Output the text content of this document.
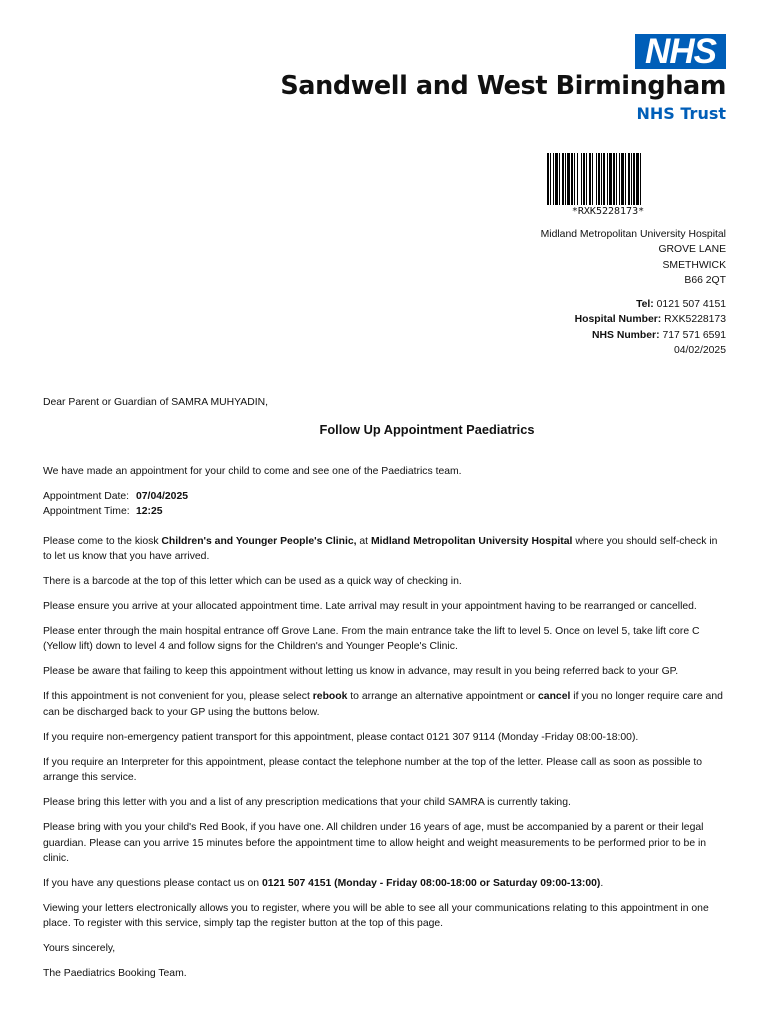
NHS
Sandwell and West Birmingham
NHS Trust
*RXK5228173*
Midland Metropolitan University Hospital
GROVE LANE
SMETHWICK
B66 2QT
Tel: 0121 507 4151
Hospital Number: RXK5228173
NHS Number: 717 571 6591
04/02/2025

Dear Parent or Guardian of SAMRA MUHYADIN,

Follow Up Appointment Paediatrics

We have made an appointment for your child to come and see one of the Paediatrics team.

Appointment Date: 07/04/2025
Appointment Time: 12:25

Please come to the kiosk Children's and Younger People's Clinic, at Midland Metropolitan University Hospital where you should self-check in to let us know that you have arrived.

There is a barcode at the top of this letter which can be used as a quick way of checking in.

Please ensure you arrive at your allocated appointment time. Late arrival may result in your appointment having to be rearranged or cancelled.

Please enter through the main hospital entrance off Grove Lane. From the main entrance take the lift to level 5. Once on level 5, take lift core C (Yellow lift) down to level 4 and follow signs for the Children's and Younger People's Clinic.

Please be aware that failing to keep this appointment without letting us know in advance, may result in you being referred back to your GP.

If this appointment is not convenient for you, please select rebook to arrange an alternative appointment or cancel if you no longer require care and can be discharged back to your GP using the buttons below.

If you require non-emergency patient transport for this appointment, please contact 0121 307 9114 (Monday -Friday 08:00-18:00).

If you require an Interpreter for this appointment, please contact the telephone number at the top of the letter. Please call as soon as possible to arrange this service.

Please bring this letter with you and a list of any prescription medications that your child SAMRA is currently taking.

Please bring with you your child's Red Book, if you have one. All children under 16 years of age, must be accompanied by a parent or their legal guardian. Please can you arrive 15 minutes before the appointment time to allow height and weight measurements to be performed prior to be in clinic.

If you have any questions please contact us on 0121 507 4151 (Monday - Friday 08:00-18:00 or Saturday 09:00-13:00).

Viewing your letters electronically allows you to register, where you will be able to see all your communications relating to this appointment in one place. To register with this service, simply tap the register button at the top of this page.

Yours sincerely,

The Paediatrics Booking Team.
